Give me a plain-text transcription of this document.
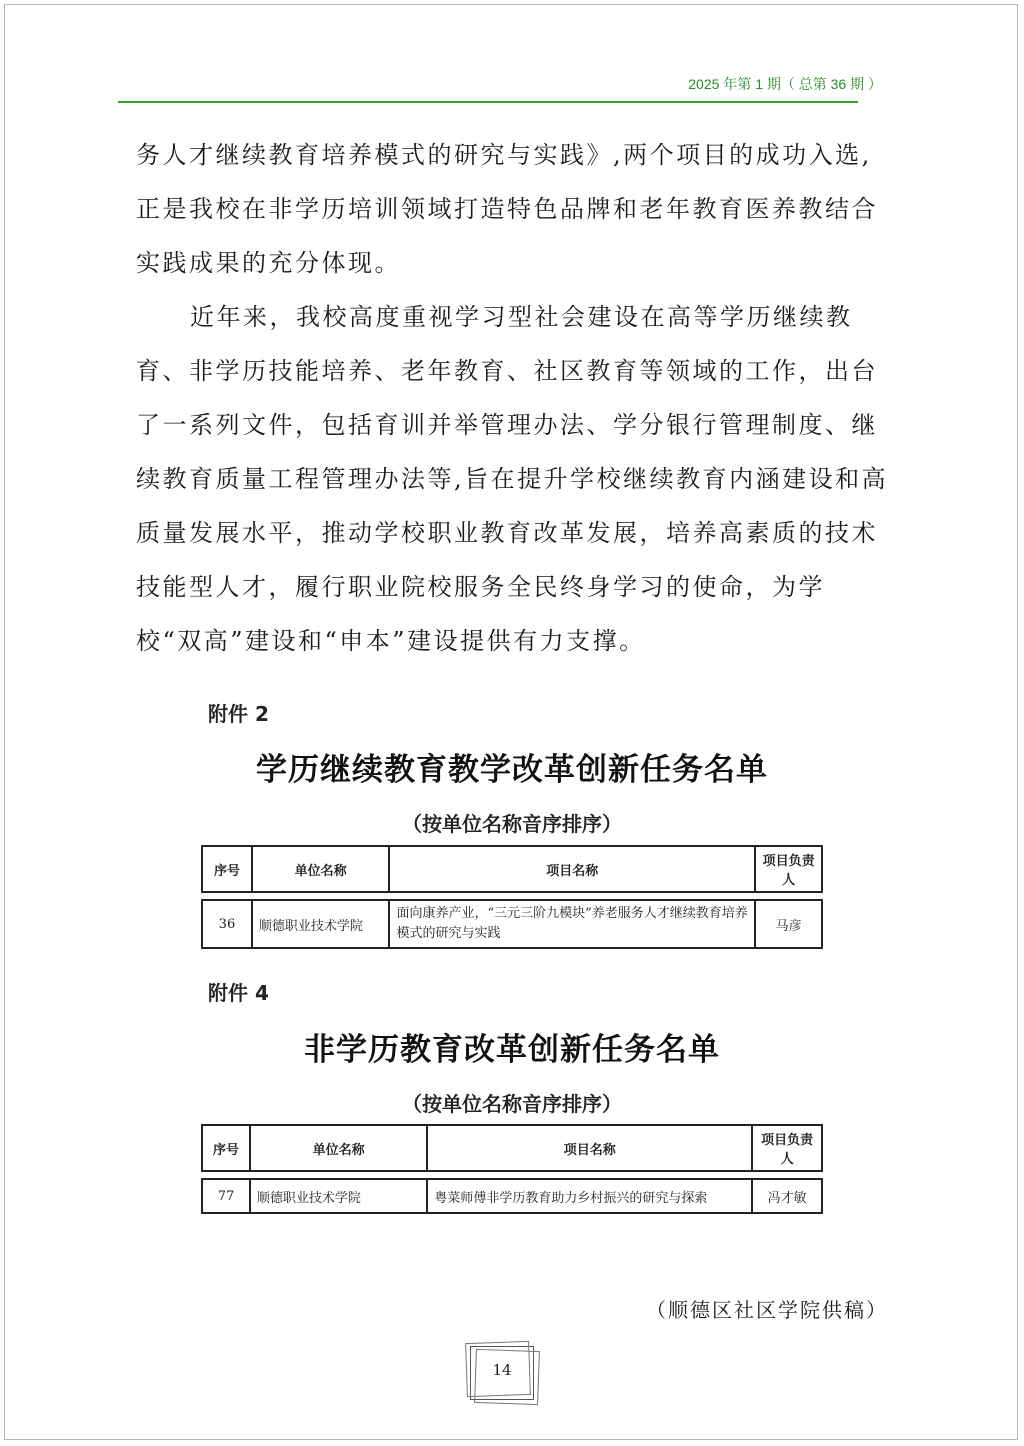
2025 年第 1 期（ 总第 36 期 ）

务人才继续教育培养模式的研究与实践》,两个项目的成功入选,正是我校在非学历培训领域打造特色品牌和老年教育医养教结合实践成果的充分体现。

近年来，我校高度重视学习型社会建设在高等学历继续教育、非学历技能培养、老年教育、社区教育等领域的工作，出台了一系列文件，包括育训并举管理办法、学分银行管理制度、继续教育质量工程管理办法等,旨在提升学校继续教育内涵建设和高质量发展水平，推动学校职业教育改革发展，培养高素质的技术技能型人才，履行职业院校服务全民终身学习的使命，为学校“双高”建设和“申本”建设提供有力支撑。

附件 2
学历继续教育教学改革创新任务名单
（按单位名称音序排序）
序号	单位名称	项目名称	项目负责人

36	顺德职业技术学院	面向康养产业，“三元三阶九模块”养老服务人才继续教育培养模式的研究与实践	马彦
附件 4
非学历教育改革创新任务名单
（按单位名称音序排序）
序号	单位名称	项目名称	项目负责人

77	顺德职业技术学院	粤菜师傅非学历教育助力乡村振兴的研究与探索	冯才敏
（顺德区社区学院供稿）
14
